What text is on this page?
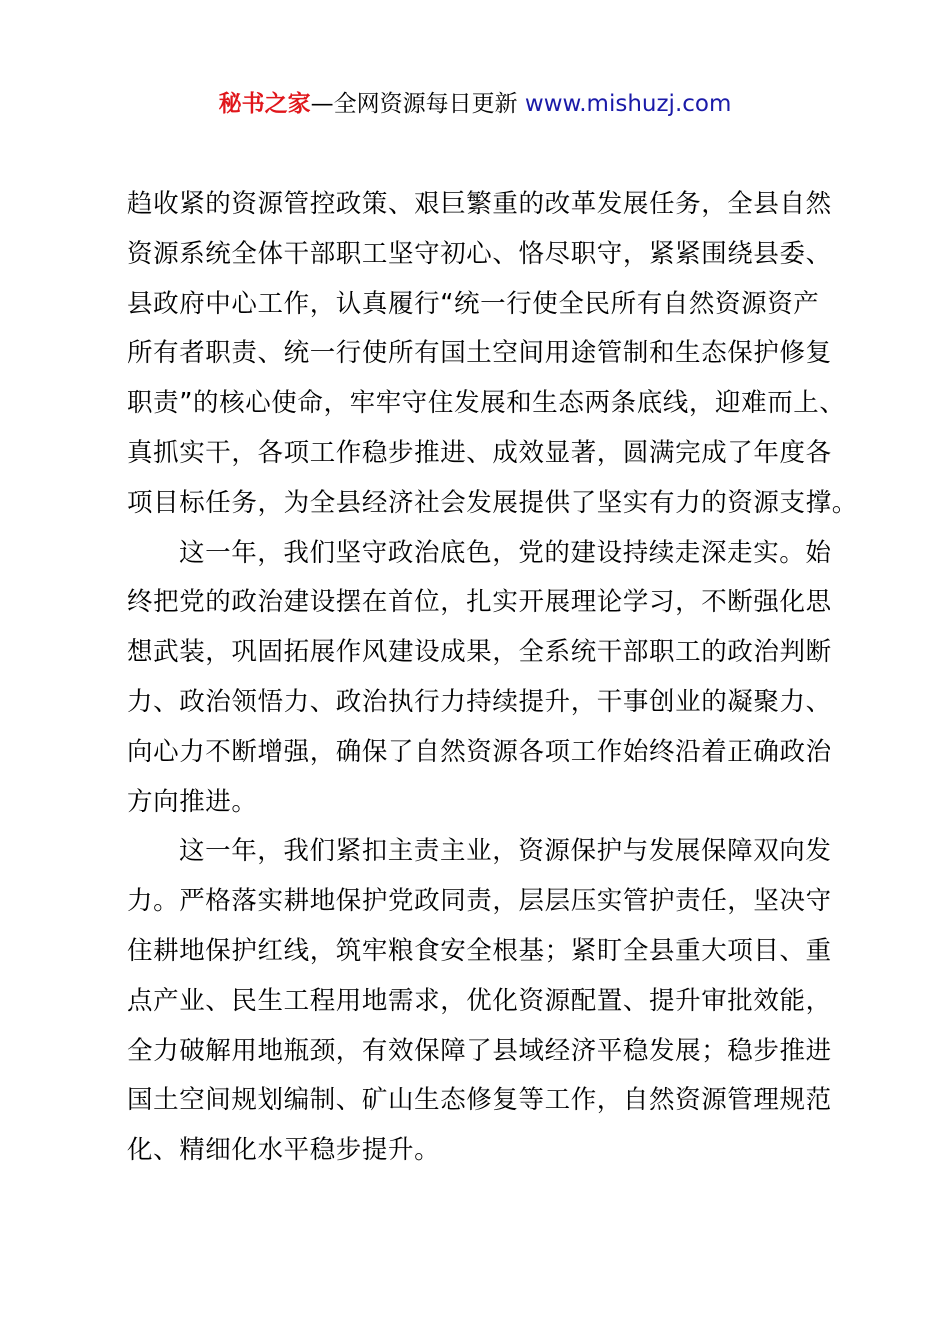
秘书之家—全网资源每日更新 www.mishuzj.com

趋收紧的资源管控政策、艰巨繁重的改革发展任务，全县自然
资源系统全体干部职工坚守初心、恪尽职守，紧紧围绕县委、
县政府中心工作，认真履行“统一行使全民所有自然资源资产
所有者职责、统一行使所有国土空间用途管制和生态保护修复
职责”的核心使命，牢牢守住发展和生态两条底线，迎难而上、
真抓实干，各项工作稳步推进、成效显著，圆满完成了年度各
项目标任务，为全县经济社会发展提供了坚实有力的资源支撑。

这一年，我们坚守政治底色，党的建设持续走深走实。始
终把党的政治建设摆在首位，扎实开展理论学习，不断强化思
想武装，巩固拓展作风建设成果，全系统干部职工的政治判断
力、政治领悟力、政治执行力持续提升，干事创业的凝聚力、
向心力不断增强，确保了自然资源各项工作始终沿着正确政治
方向推进。

这一年，我们紧扣主责主业，资源保护与发展保障双向发
力。严格落实耕地保护党政同责，层层压实管护责任，坚决守
住耕地保护红线，筑牢粮食安全根基；紧盯全县重大项目、重
点产业、民生工程用地需求，优化资源配置、提升审批效能，
全力破解用地瓶颈，有效保障了县域经济平稳发展；稳步推进
国土空间规划编制、矿山生态修复等工作，自然资源管理规范
化、精细化水平稳步提升。
